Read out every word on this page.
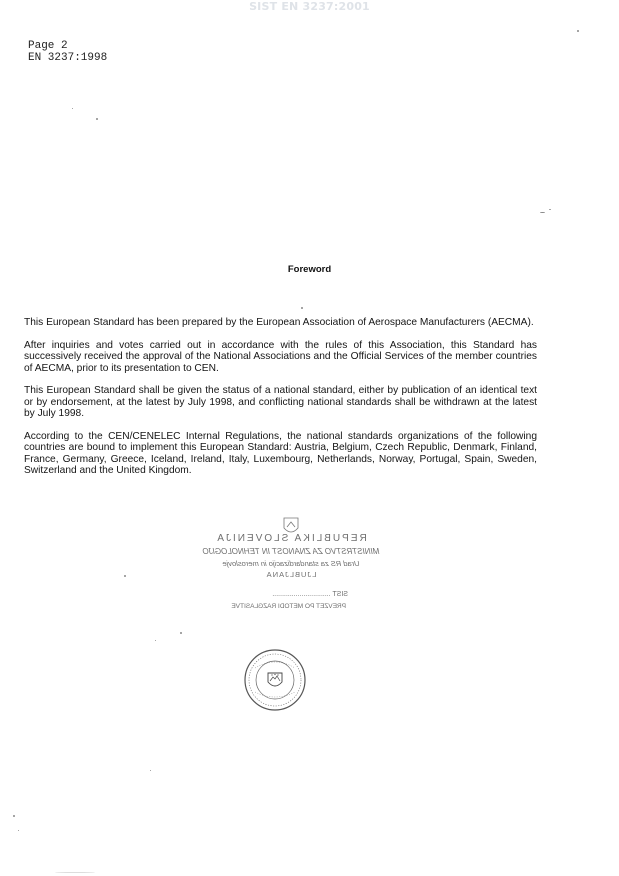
SIST EN 3237:2001
Page 2
EN 3237:1998
Foreword

This European Standard has been prepared by the European Association of Aerospace Manufacturers (AECMA).

After inquiries and votes carried out in accordance with the rules of this Association, this Standard has successively received the approval of the National Associations and the Official Services of the member countries of AECMA, prior to its presentation to CEN.

This European Standard shall be given the status of a national standard, either by publication of an identical text or by endorsement, at the latest by July 1998, and conflicting national standards shall be withdrawn at the latest by July 1998.

According to the CEN/CENELEC Internal Regulations, the national standards organizations of the following countries are bound to implement this European Standard: Austria, Belgium, Czech Republic, Denmark, Finland, France, Germany, Greece, Iceland, Ireland, Italy, Luxembourg, Netherlands, Norway, Portugal, Spain, Sweden, Switzerland and the United Kingdom.

REPUBLIKA SLOVENIJA
MINISTRSTVO ZA ZNANOST IN TEHNOLOGIJO
Urad RS za standardizacijo in meroslovje
LJUBLJANA
SIST ..............................
PREVZET PO METODI RAZGLASITVE
